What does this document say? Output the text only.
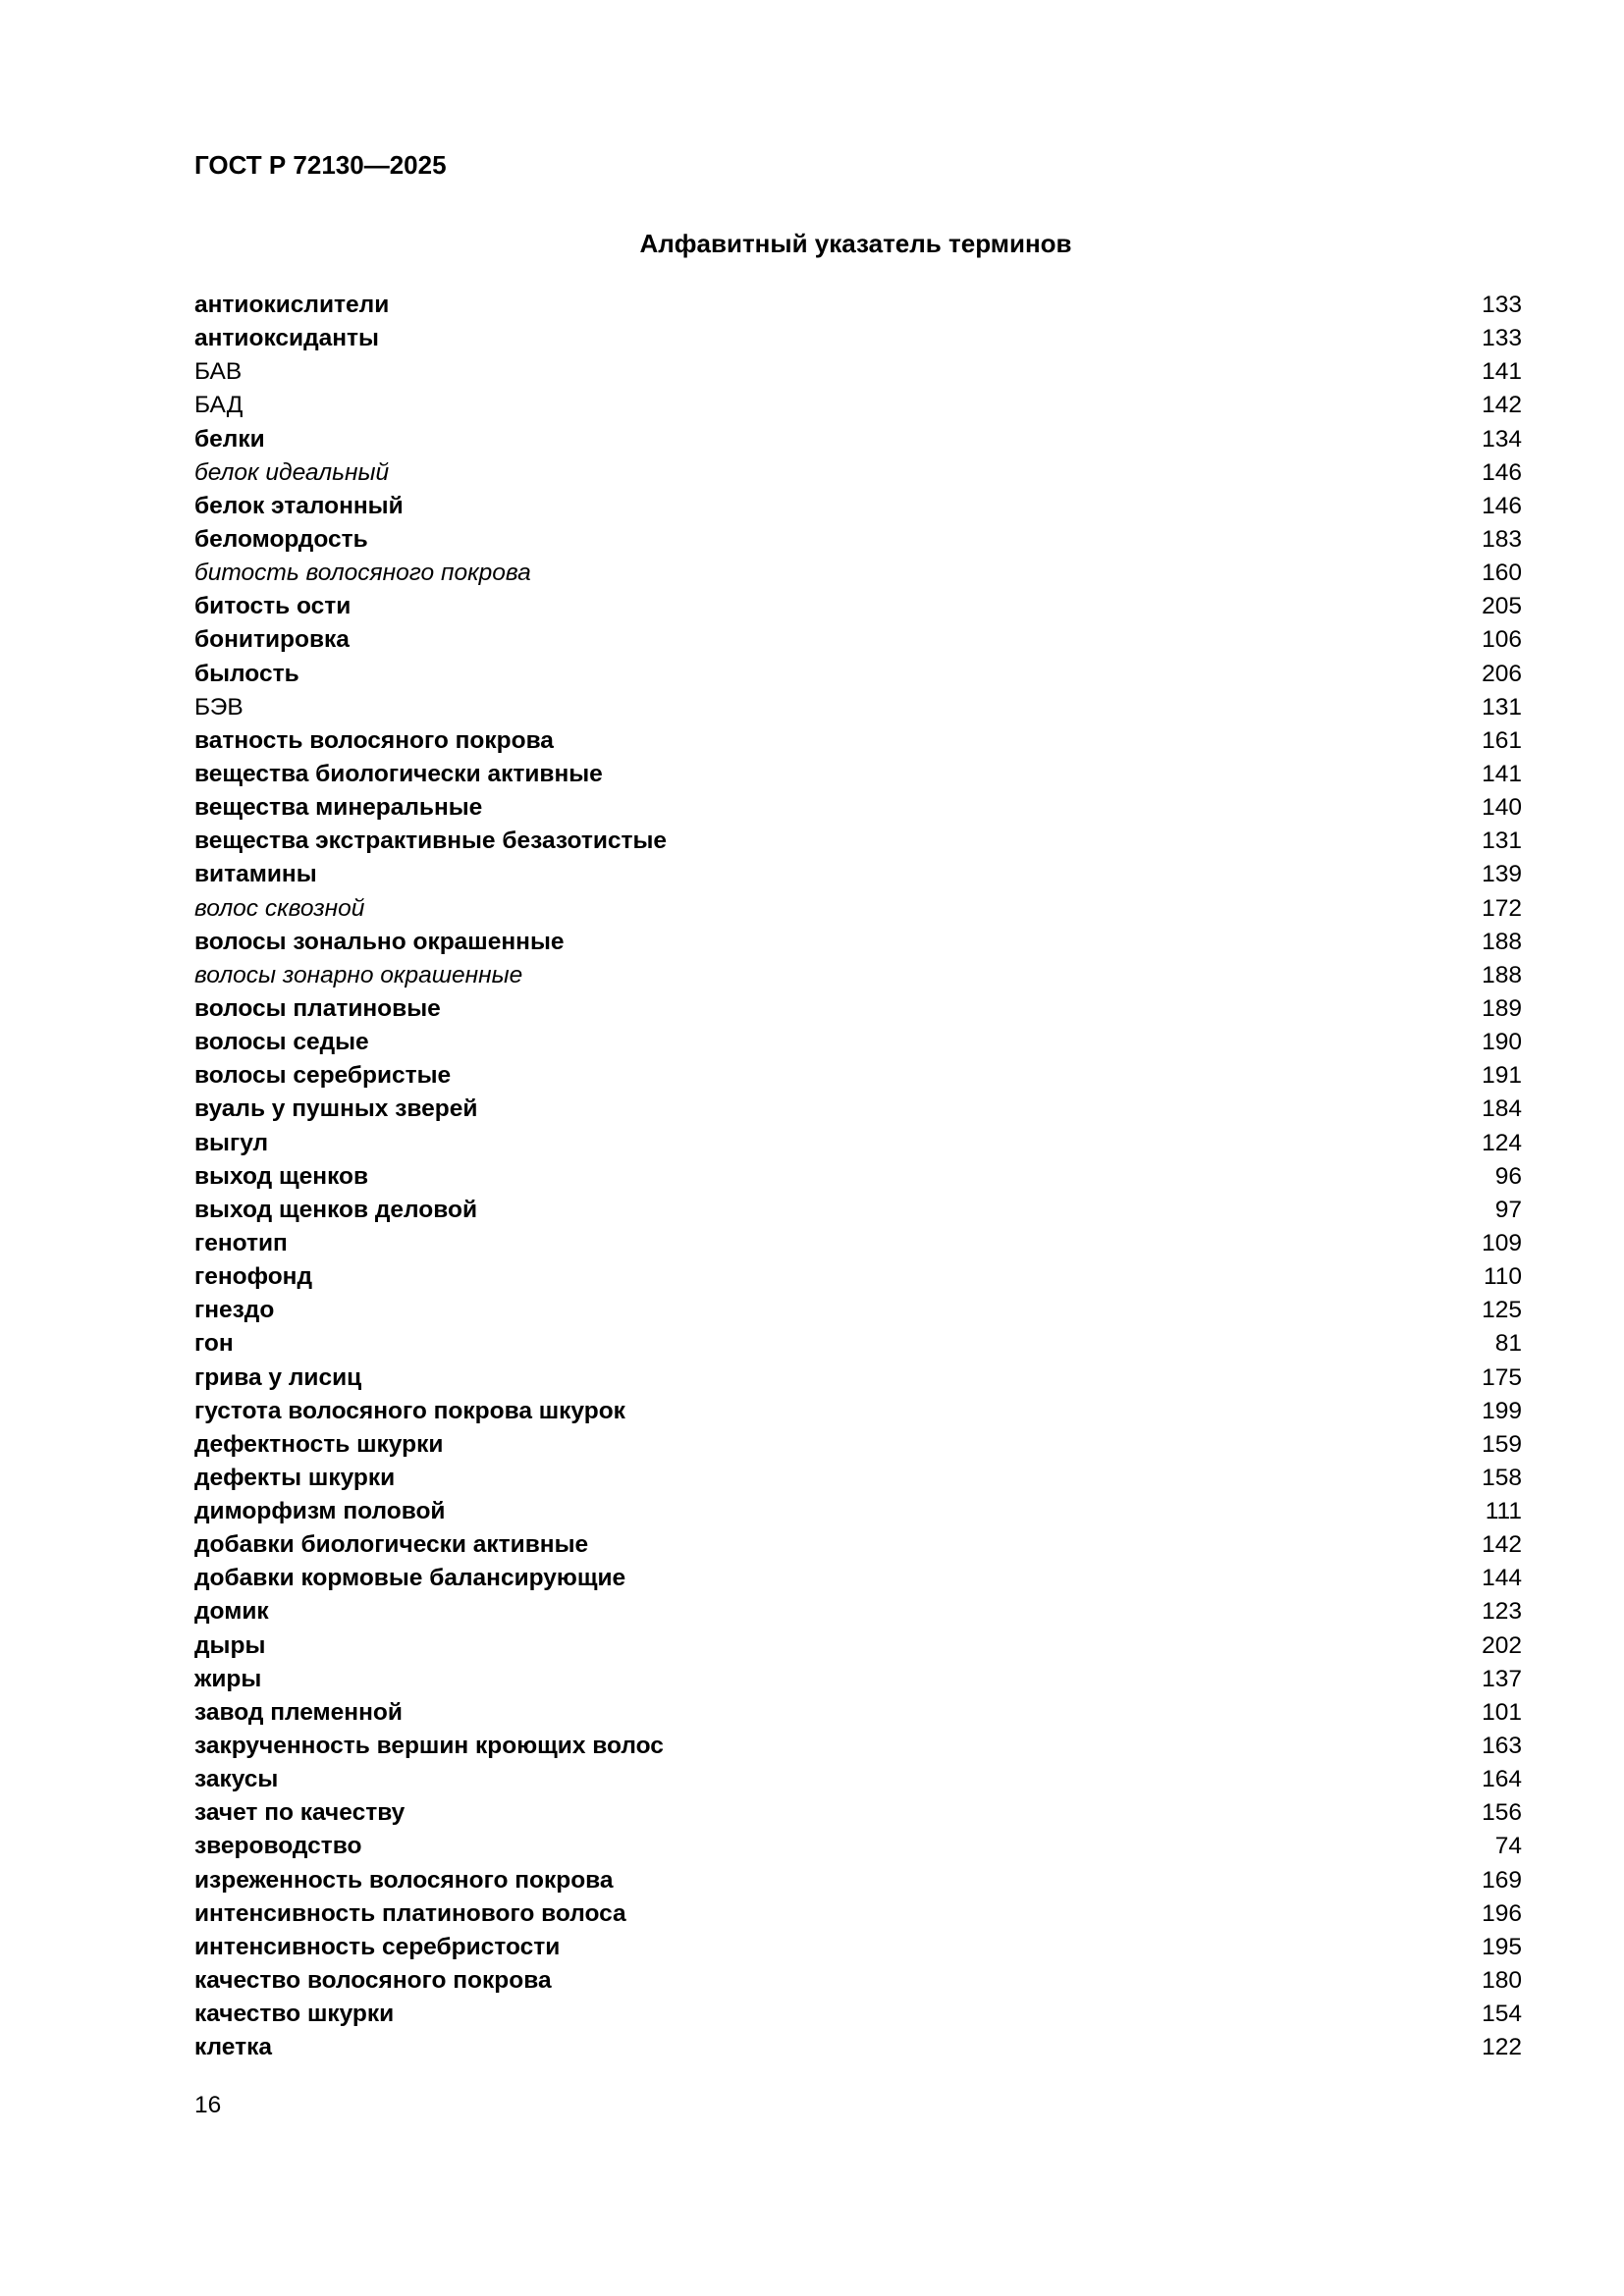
ГОСТ Р 72130—2025
Алфавитный указатель терминов
антиокислители	133
антиоксиданты	133
БАВ	141
БАД	142
белки	134
белок идеальный	146
белок эталонный	146
беломордость	183
битость волосяного покрова	160
битость ости	205
бонитировка	106
былость	206
БЭВ	131
ватность волосяного покрова	161
вещества биологически активные	141
вещества минеральные	140
вещества экстрактивные безазотистые	131
витамины	139
волос сквозной	172
волосы зонально окрашенные	188
волосы зонарно окрашенные	188
волосы платиновые	189
волосы седые	190
волосы серебристые	191
вуаль у пушных зверей	184
выгул	124
выход щенков	96
выход щенков деловой	97
генотип	109
генофонд	110
гнездо	125
гон	81
грива у лисиц	175
густота волосяного покрова шкурок	199
дефектность шкурки	159
дефекты шкурки	158
диморфизм половой	111
добавки биологически активные	142
добавки кормовые балансирующие	144
домик	123
дыры	202
жиры	137
завод племенной	101
закрученность вершин кроющих волос	163
закусы	164
зачет по качеству	156
звероводство	74
изреженность волосяного покрова	169
интенсивность платинового волоса	196
интенсивность серебристости	195
качество волосяного покрова	180
качество шкурки	154
клетка	122
16
